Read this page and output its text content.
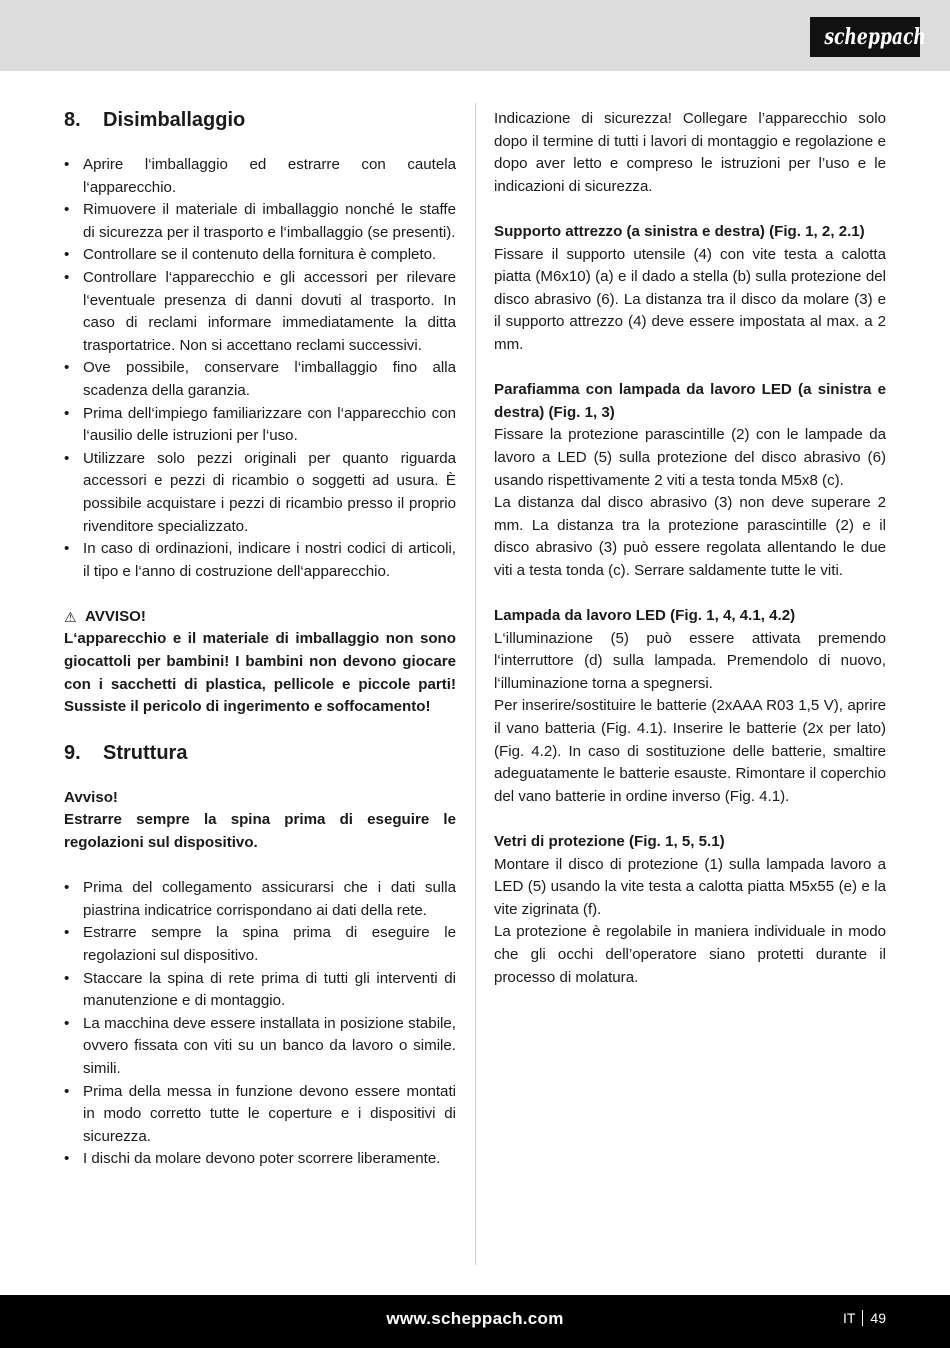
scheppach
8. Disimballaggio
• Aprire l‘imballaggio ed estrarre con cautela l‘apparecchio.
• Rimuovere il materiale di imballaggio nonché le staffe di sicurezza per il trasporto e l‘imballaggio (se presenti).
• Controllare se il contenuto della fornitura è completo.
• Controllare l‘apparecchio e gli accessori per rilevare l‘eventuale presenza di danni dovuti al trasporto. In caso di reclami informare immediatamente la ditta trasportatrice. Non si accettano reclami successivi.
• Ove possibile, conservare l‘imballaggio fino alla scadenza della garanzia.
• Prima dell‘impiego familiarizzare con l‘apparecchio con l‘ausilio delle istruzioni per l‘uso.
• Utilizzare solo pezzi originali per quanto riguarda accessori e pezzi di ricambio o soggetti ad usura. È possibile acquistare i pezzi di ricambio presso il proprio rivenditore specializzato.
• In caso di ordinazioni, indicare i nostri codici di articoli, il tipo e l‘anno di costruzione dell‘apparecchio.
⚠ AVVISO!

L‘apparecchio e il materiale di imballaggio non sono giocattoli per bambini! I bambini non devono giocare con i sacchetti di plastica, pellicole e piccole parti! Sussiste il pericolo di ingerimento e soffocamento!

9. Struttura

Avviso!

Estrarre sempre la spina prima di eseguire le regolazioni sul dispositivo.

• Prima del collegamento assicurarsi che i dati sulla piastrina indicatrice corrispondano ai dati della rete.
• Estrarre sempre la spina prima di eseguire le regolazioni sul dispositivo.
• Staccare la spina di rete prima di tutti gli interventi di manutenzione e di montaggio.
• La macchina deve essere installata in posizione stabile, ovvero fissata con viti su un banco da lavoro o simile. simili.
• Prima della messa in funzione devono essere montati in modo corretto tutte le coperture e i dispositivi di sicurezza.
• I dischi da molare devono poter scorrere liberamente.

Indicazione di sicurezza! Collegare l’apparecchio solo dopo il termine di tutti i lavori di montaggio e regolazione e dopo aver letto e compreso le istruzioni per l’uso e le indicazioni di sicurezza.

Supporto attrezzo (a sinistra e destra) (Fig. 1, 2, 2.1)

Fissare il supporto utensile (4) con vite testa a calotta piatta (M6x10) (a) e il dado a stella (b) sulla protezione del disco abrasivo (6). La distanza tra il disco da molare (3) e il supporto attrezzo (4) deve essere impostata al max. a 2 mm.

Parafiamma con lampada da lavoro LED (a sinistra e destra) (Fig. 1, 3)

Fissare la protezione parascintille (2) con le lampade da lavoro a LED (5) sulla protezione del disco abrasivo (6) usando rispettivamente 2 viti a testa tonda M5x8 (c).

La distanza dal disco abrasivo (3) non deve superare 2 mm. La distanza tra la protezione parascintille (2) e il disco abrasivo (3) può essere regolata allentando le due viti a testa tonda (c). Serrare saldamente tutte le viti.

Lampada da lavoro LED (Fig. 1, 4, 4.1, 4.2)

L‘illuminazione (5) può essere attivata premendo l‘interruttore (d) sulla lampada. Premendolo di nuovo, l‘illuminazione torna a spegnersi.

Per inserire/sostituire le batterie (2xAAA R03 1,5 V), aprire il vano batteria (Fig. 4.1). Inserire le batterie (2x per lato) (Fig. 4.2). In caso di sostituzione delle batterie, smaltire adeguatamente le batterie esauste. Rimontare il coperchio del vano batterie in ordine inverso (Fig. 4.1).

Vetri di protezione (Fig. 1, 5, 5.1)

Montare il disco di protezione (1) sulla lampada lavoro a LED (5) usando la vite testa a calotta piatta M5x55 (e) e la vite zigrinata (f).

La protezione è regolabile in maniera individuale in modo che gli occhi dell’operatore siano protetti durante il processo di molatura.

www.scheppach.com	IT 49
